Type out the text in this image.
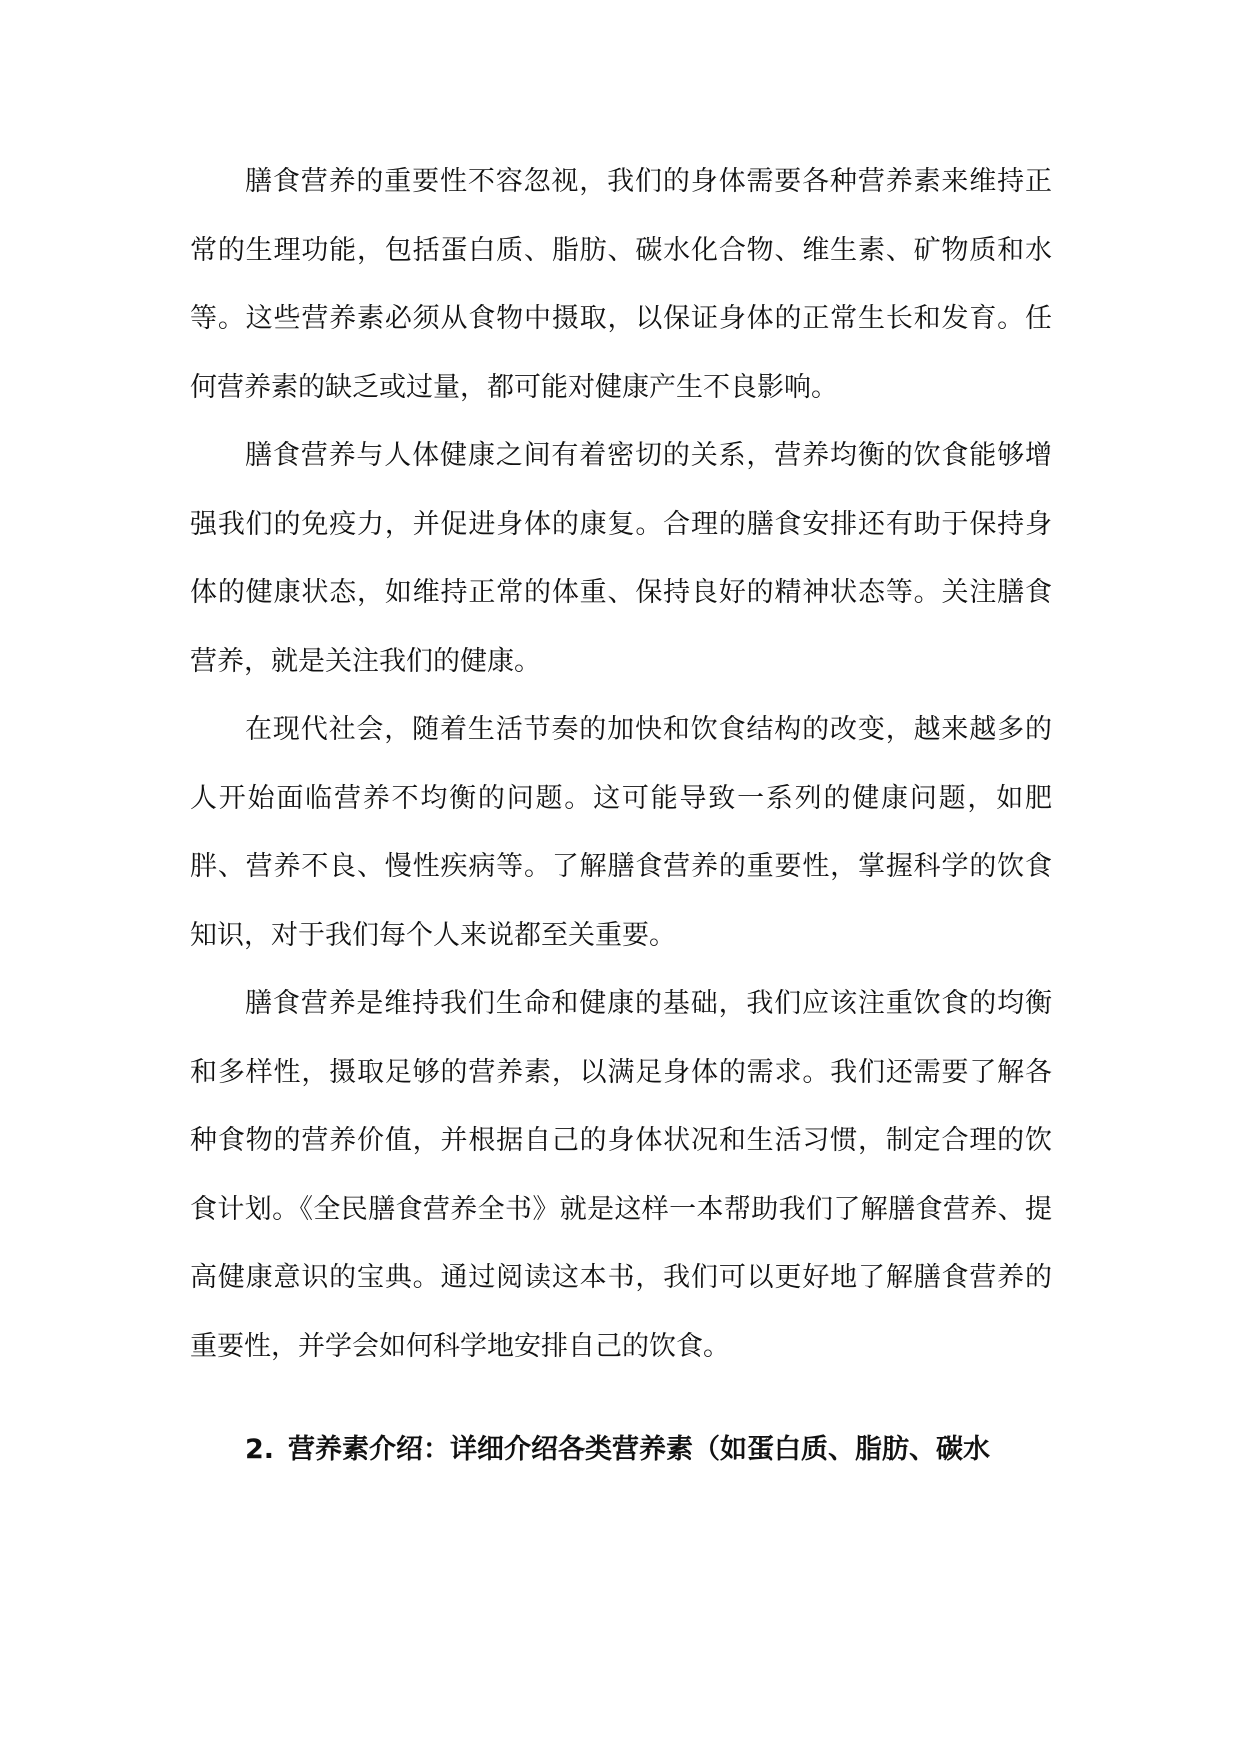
膳食营养的重要性不容忽视，我们的身体需要各种营养素来维持正常的生理功能，包括蛋白质、脂肪、碳水化合物、维生素、矿物质和水等。这些营养素必须从食物中摄取，以保证身体的正常生长和发育。任何营养素的缺乏或过量，都可能对健康产生不良影响。

膳食营养与人体健康之间有着密切的关系，营养均衡的饮食能够增强我们的免疫力，并促进身体的康复。合理的膳食安排还有助于保持身体的健康状态，如维持正常的体重、保持良好的精神状态等。关注膳食营养，就是关注我们的健康。

在现代社会，随着生活节奏的加快和饮食结构的改变，越来越多的人开始面临营养不均衡的问题。这可能导致一系列的健康问题，如肥胖、营养不良、慢性疾病等。了解膳食营养的重要性，掌握科学的饮食知识，对于我们每个人来说都至关重要。

膳食营养是维持我们生命和健康的基础，我们应该注重饮食的均衡和多样性，摄取足够的营养素，以满足身体的需求。我们还需要了解各种食物的营养价值，并根据自己的身体状况和生活习惯，制定合理的饮食计划。《全民膳食营养全书》就是这样一本帮助我们了解膳食营养、提高健康意识的宝典。通过阅读这本书，我们可以更好地了解膳食营养的重要性，并学会如何科学地安排自己的饮食。

2. 营养素介绍：详细介绍各类营养素（如蛋白质、脂肪、碳水
